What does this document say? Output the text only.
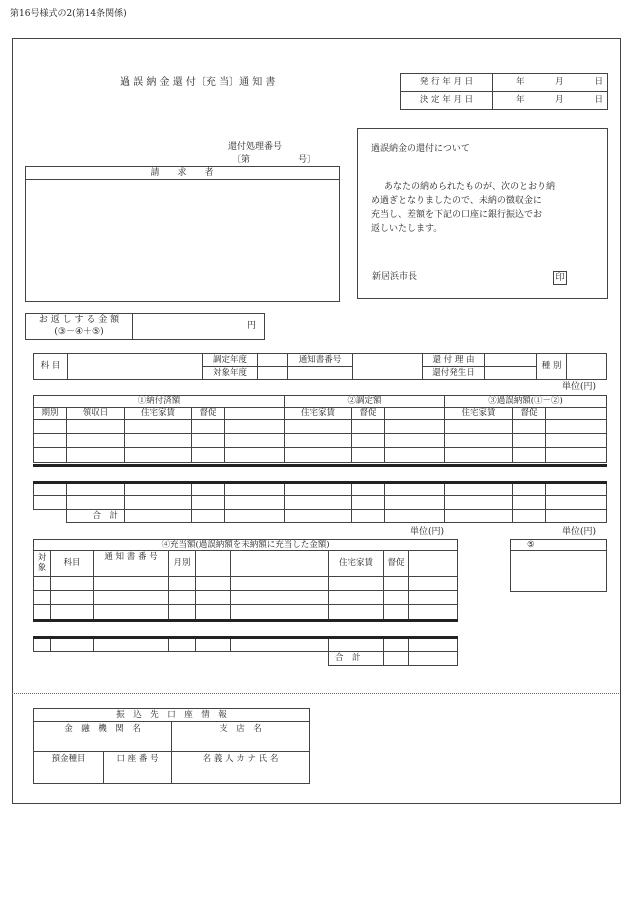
第16号様式の2(第14条関係)
過 誤 納 金 還 付〔充 当〕通 知 書	発 行 年 月 日	年	月	日
決 定 年 月 日	年	月	日
還付処理番号
〔第	号〕
請　　求　　者
過誤納金の還付について
あなたの納められたものが、次のとおり納
め過ぎとなりましたので、未納の徴収金に
充当し、差額を下記の口座に銀行振込でお
返しいたします。
新居浜市長	印
お 返 し す る 金 額	円
(③－④＋⑤)
科 目		調定年度		通知書番号		還 付 理 由		種 別	
		対象年度				還付発生日			
単位(円)
①納付済額					②調定額			③過誤納額(①－②)		
期別	領収日	住宅家賃	督促		住宅家賃	督促		住宅家賃	督促	

	合　計									
単位(円)	単位(円)
④充当額(過誤納額を未納額に充当した金額)								
対
象	科目	通 知 書 番 号	月別			住宅家賃	督促	

						合　計		
⑤

振　込　先　口　座　情　報		
金　融　機　関　名		支　店　名
預金種目	口 座 番 号	名 義 人 カ ナ 氏 名
